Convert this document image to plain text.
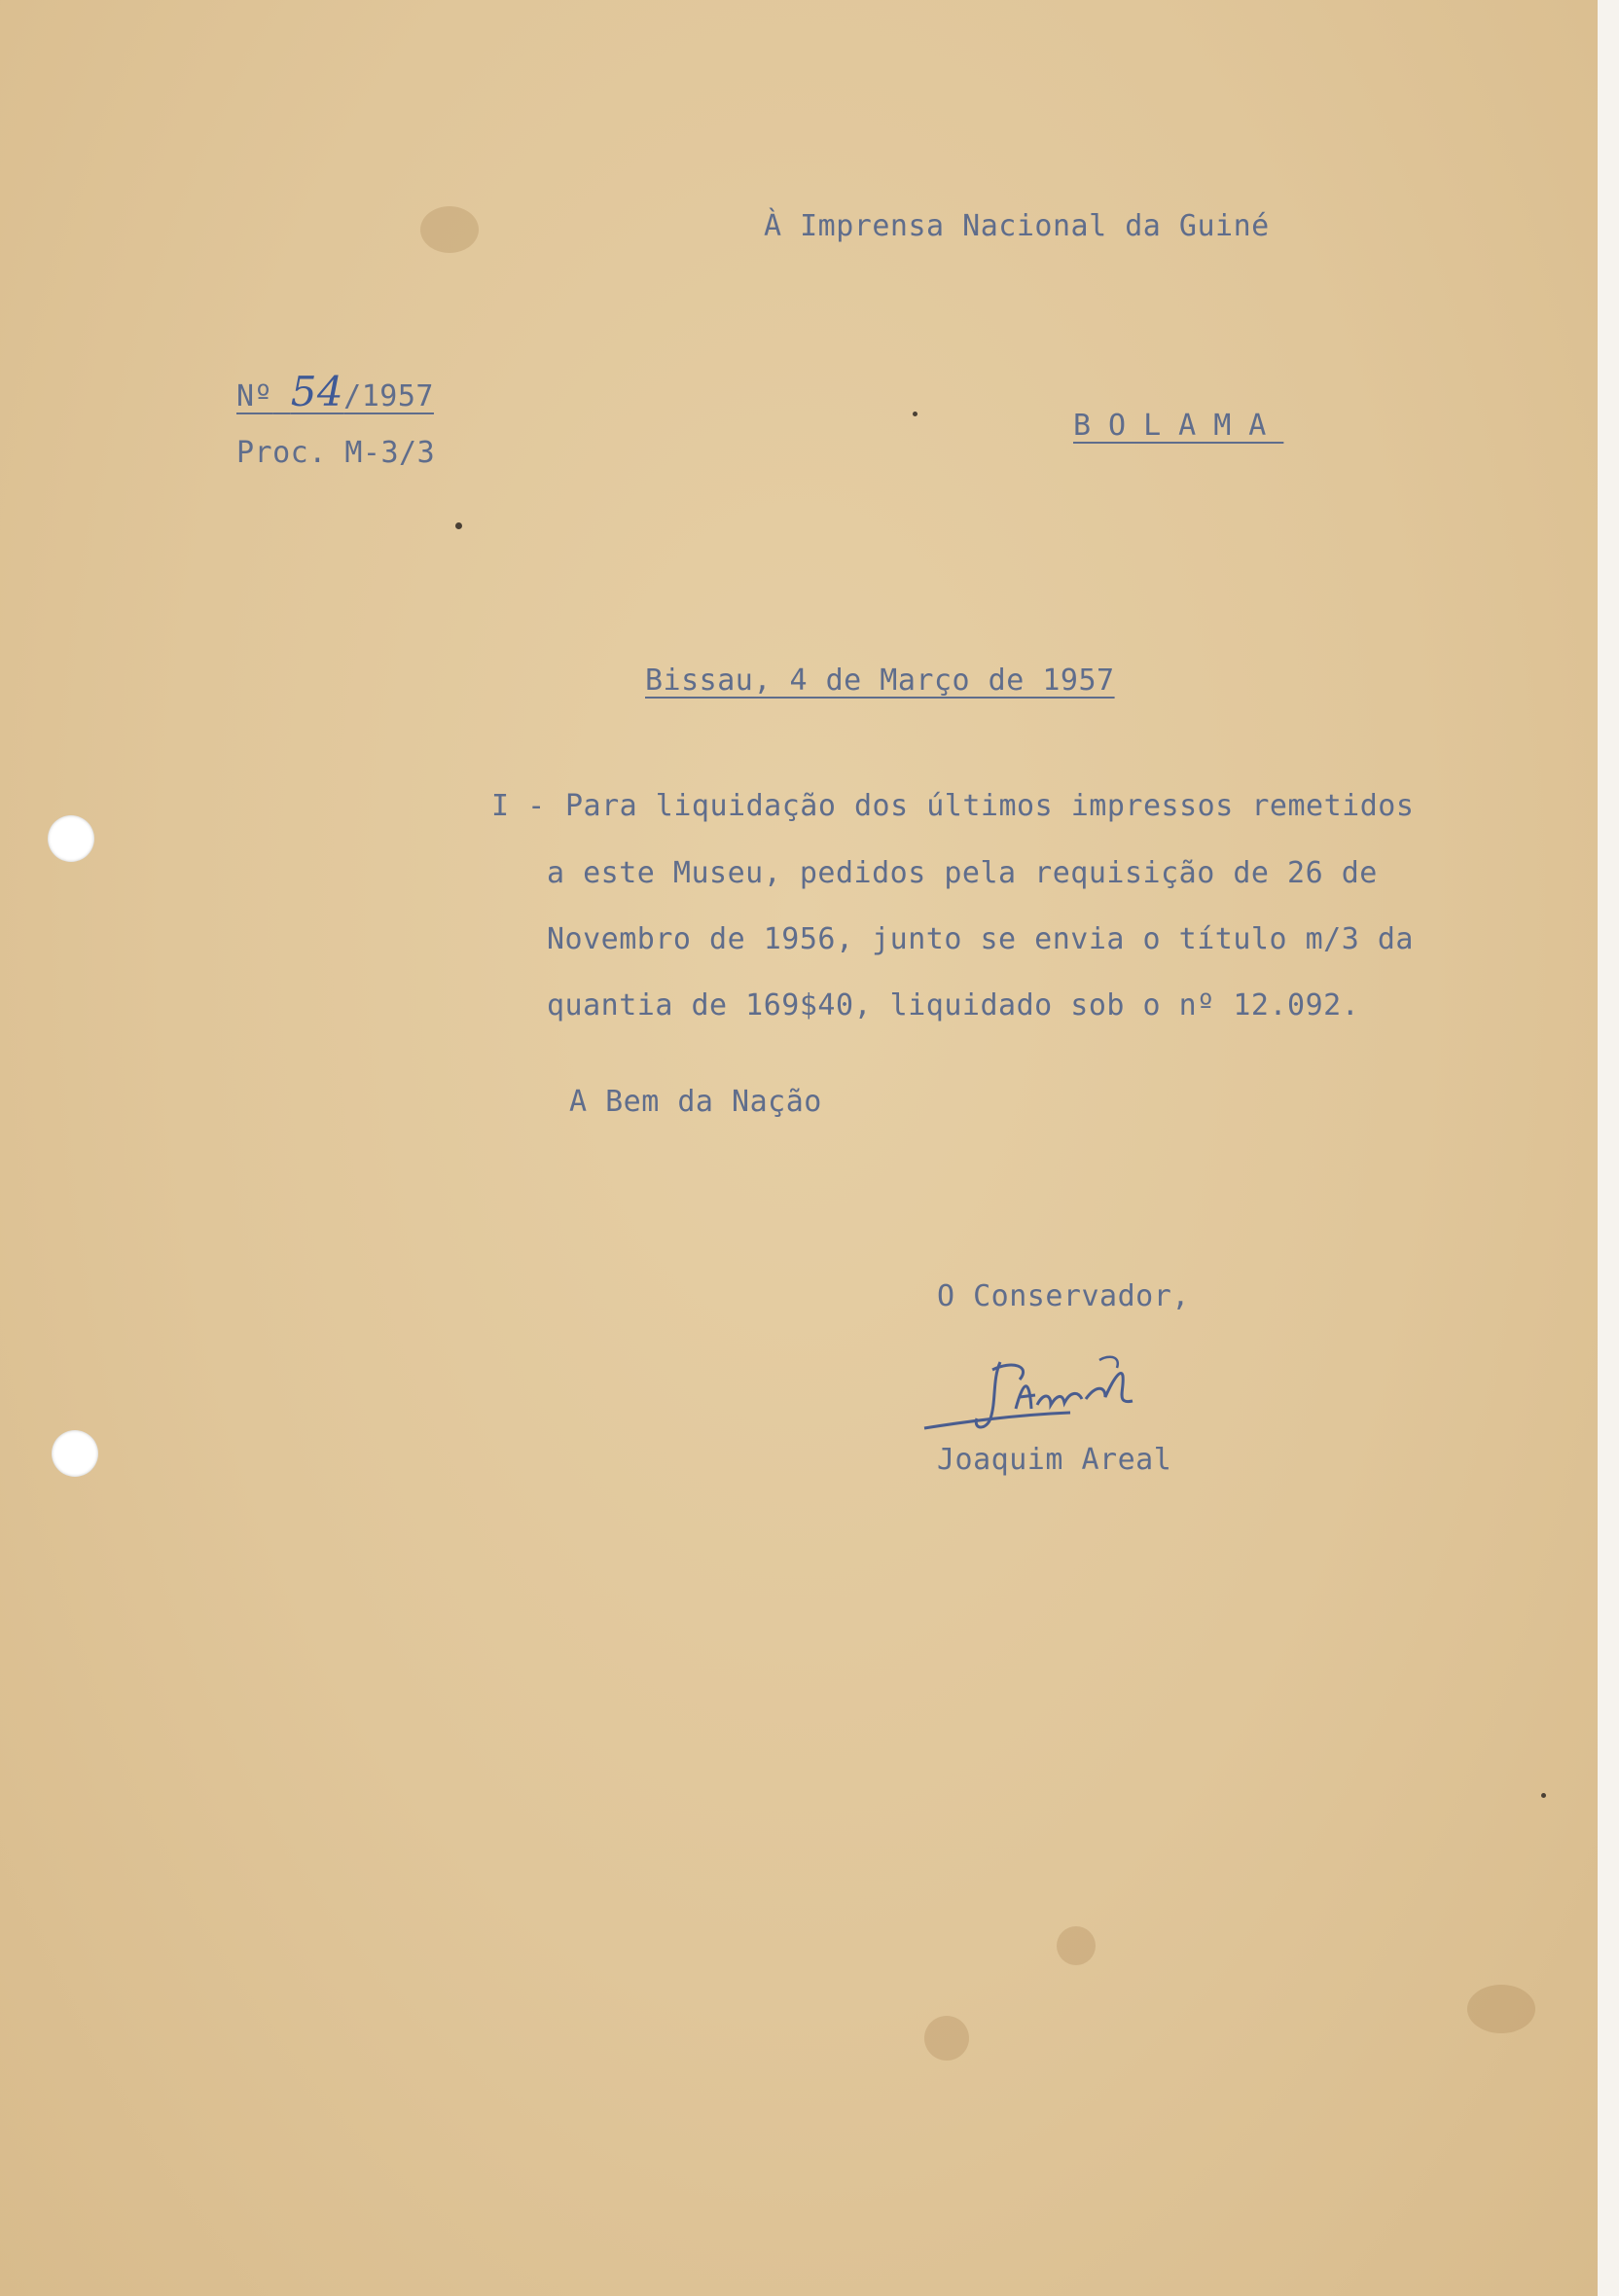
À Imprensa Nacional da Guiné
Nº 54/1957
Proc. M-3/3
BOLAMA
Bissau, 4 de Março de 1957
I - Para liquidação dos últimos impressos remetidos
a este Museu, pedidos pela requisição de 26 de
Novembro de 1956, junto se envia o título m/3 da
quantia de 169$40, liquidado sob o nº 12.092.
A Bem da Nação
O Conservador,
Joaquim Areal
